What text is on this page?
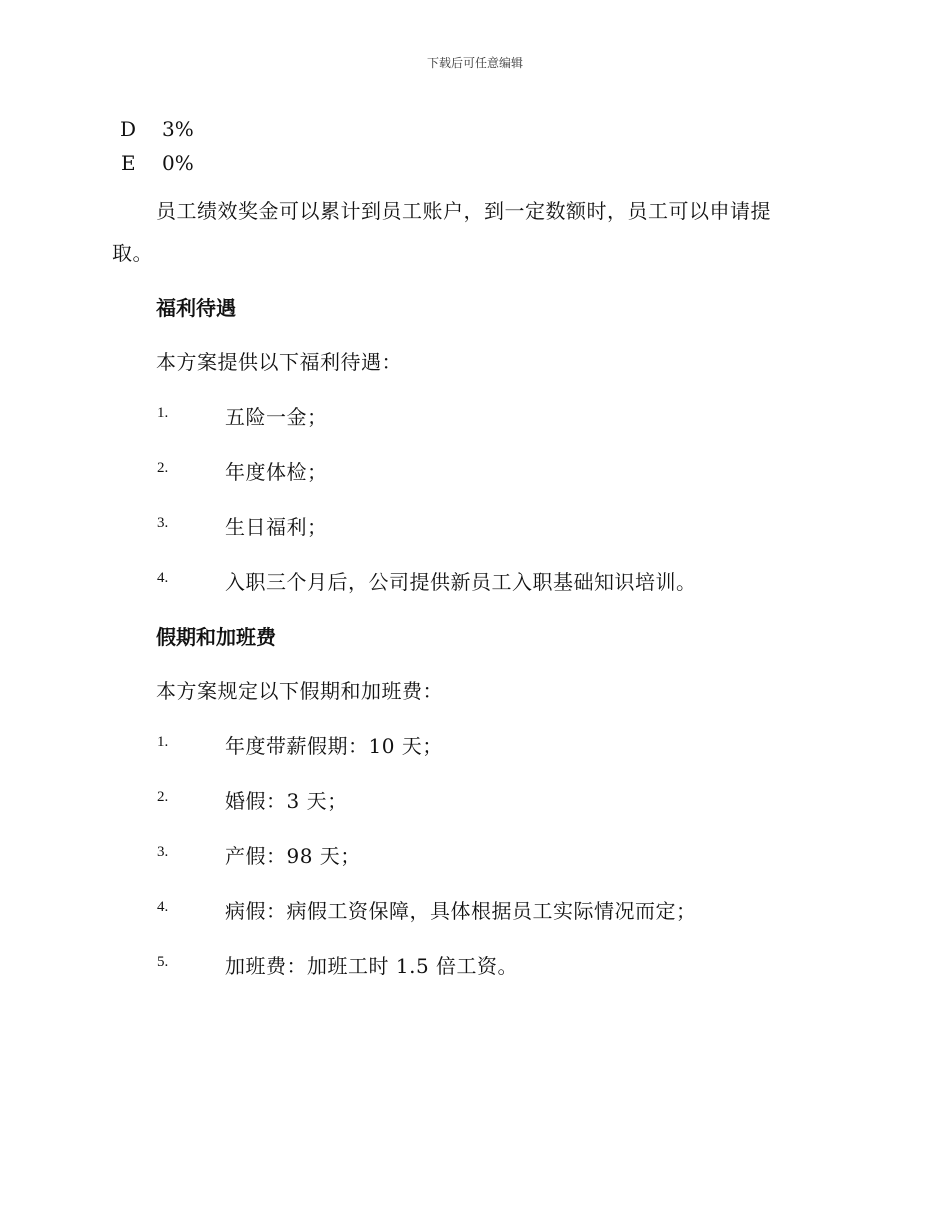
下载后可任意编辑
D 3%
E 0%
员工绩效奖金可以累计到员工账户，到一定数额时，员工可以申请提
取。
福利待遇
本方案提供以下福利待遇：
1.	五险一金；
2.	年度体检；
3.	生日福利；
4.	入职三个月后，公司提供新员工入职基础知识培训。
假期和加班费
本方案规定以下假期和加班费：
1.	年度带薪假期：10 天；
2.	婚假：3 天；
3.	产假：98 天；
4.	病假：病假工资保障，具体根据员工实际情况而定；
5.	加班费：加班工时 1.5 倍工资。
